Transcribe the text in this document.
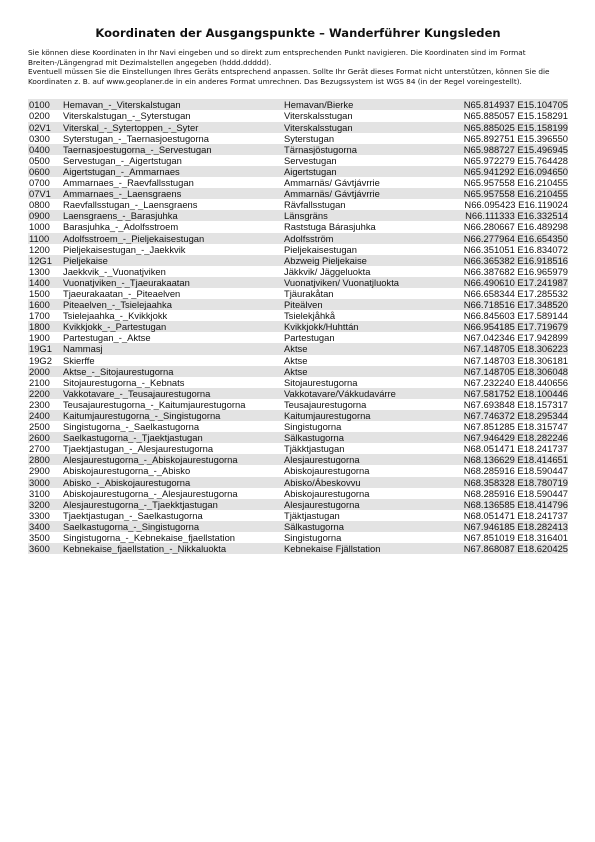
Koordinaten der Ausgangspunkte – Wanderführer Kungsleden

Sie können diese Koordinaten in Ihr Navi eingeben und so direkt zum entsprechenden Punkt navigieren. Die Koordinaten sind im Format Breiten-/Längengrad mit Dezimalstellen angegeben (hddd.ddddd).

Eventuell müssen Sie die Einstellungen Ihres Geräts entsprechend anpassen. Sollte Ihr Gerät dieses Format nicht unterstützen, können Sie die Koordinaten z. B. auf www.geoplaner.de in ein anderes Format umrechnen. Das Bezugssystem ist WGS 84 (in der Regel voreingestellt).

0100	Hemavan_-_Viterskalstugan	Hemavan/Bierke	N65.814937 E15.104705
0200	Viterskalstugan_-_Syterstugan	Viterskalsstugan	N65.885057 E15.158291
02V1	Viterskal_-_Sytertoppen_-_Syter	Viterskalsstugan	N65.885025 E15.158199
0300	Syterstugan_-_Taernasjoestugorna	Syterstugan	N65.892751 E15.396550
0400	Taernasjoestugorna_-_Servestugan	Tärnasjöstugorna	N65.988727 E15.496945
0500	Servestugan_-_Aigertstugan	Servestugan	N65.972279 E15.764428
0600	Aigertstugan_-_Ammarnaes	Aigertstugan	N65.941292 E16.094650
0700	Ammarnaes_-_Raevfallsstugan	Ammarnäs/ Gávtjávrrie	N65.957558 E16.210455
07V1	Ammarnaes_-_Laensgraens	Ammarnäs/ Gávtjávrrie	N65.957558 E16.210455
0800	Raevfallsstugan_-_Laensgraens	Rävfallsstugan	N66.095423 E16.119024
0900	Laensgraens_-_Barasjuhka	Länsgräns	N66.111333 E16.332514
1000	Barasjuhka_-_Adolfsstroem	Raststuga Bárasjuhka	N66.280667 E16.489298
1100	Adolfsstroem_-_Pieljekaisestugan	Adolfsström	N66.277964 E16.654350
1200	Pieljekaisestugan_-_Jaekkvik	Pieljekaisestugan	N66.351051 E16.834072
12G1	Pieljekaise	Abzweig Pieljekaise	N66.365382 E16.918516
1300	Jaekkvik_-_Vuonatjviken	Jäkkvik/ Jäggeluokta	N66.387682 E16.965979
1400	Vuonatjviken_-_Tjaeurakaatan	Vuonatjviken/ Vuonatjluokta	N66.490610 E17.241987
1500	Tjaeurakaatan_-_Piteaelven	Tjäurakåtan	N66.658344 E17.285532
1600	Piteaelven_-_Tsielejaahka	Piteälven	N66.718516 E17.348520
1700	Tsielejaahka_-_Kvikkjokk	Tsielekjåhkå	N66.845603 E17.589144
1800	Kvikkjokk_-_Partestugan	Kvikkjokk/Huhttán	N66.954185 E17.719679
1900	Partestugan_-_Aktse	Partestugan	N67.042346 E17.942899
19G1	Nammasj	Aktse	N67.148705 E18.306223
19G2	Skierffe	Aktse	N67.148703 E18.306181
2000	Aktse_-_Sitojaurestugorna	Aktse	N67.148705 E18.306048
2100	Sitojaurestugorna_-_Kebnats	Sitojaurestugorna	N67.232240 E18.440656
2200	Vakkotavare_-_Teusajaurestugorna	Vakkotavare/Vákkudavárre	N67.581752 E18.100446
2300	Teusajaurestugorna_-_Kaitumjaurestugorna	Teusajaurestugorna	N67.693848 E18.157317
2400	Kaitumjaurestugorna_-_Singistugorna	Kaitumjaurestugorna	N67.746372 E18.295344
2500	Singistugorna_-_Saelkastugorna	Singistugorna	N67.851285 E18.315747
2600	Saelkastugorna_-_Tjaektjastugan	Sälkastugorna	N67.946429 E18.282246
2700	Tjaektjastugan_-_Alesjaurestugorna	Tjäkktjastugan	N68.051471 E18.241737
2800	Alesjaurestugorna_-_Abiskojaurestugorna	Alesjaurestugorna	N68.136629 E18.414651
2900	Abiskojaurestugorna_-_Abisko	Abiskojaurestugorna	N68.285916 E18.590447
3000	Abisko_-_Abiskojaurestugorna	Abisko/Ábeskovvu	N68.358328 E18.780719
3100	Abiskojaurestugorna_-_Alesjaurestugorna	Abiskojaurestugorna	N68.285916 E18.590447
3200	Alesjaurestugorna_-_Tjaekktjastugan	Alesjaurestugorna	N68.136585 E18.414796
3300	Tjaektjastugan_-_Saelkastugorna	Tjäktjastugan	N68.051471 E18.241737
3400	Saelkastugorna_-_Singistugorna	Sälkastugorna	N67.946185 E18.282413
3500	Singistugorna_-_Kebnekaise_fjaellstation	Singistugorna	N67.851019 E18.316401
3600	Kebnekaise_fjaellstation_-_Nikkaluokta	Kebnekaise Fjällstation	N67.868087 E18.620425
